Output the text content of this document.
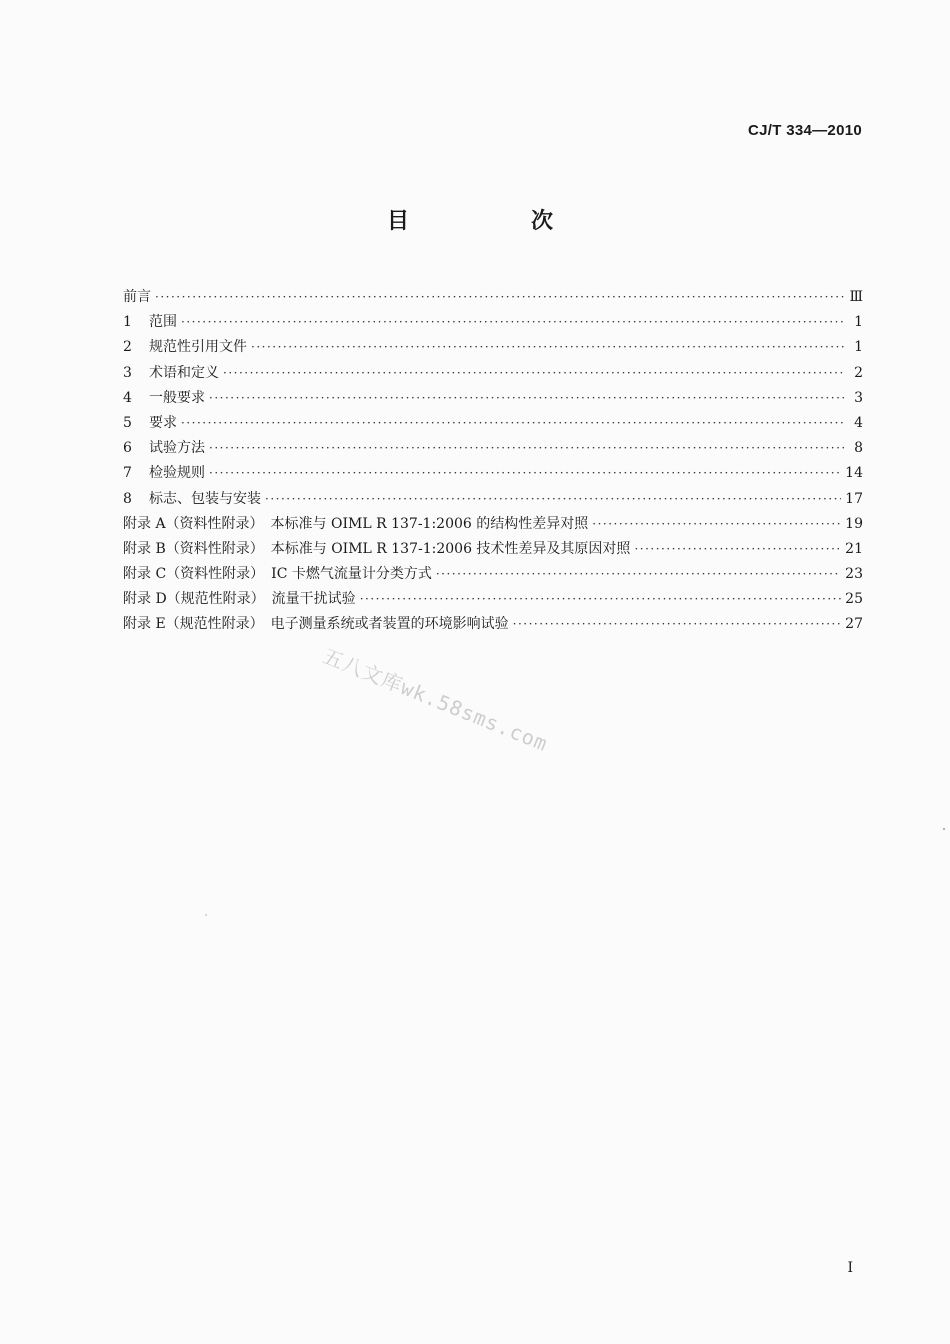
CJ/T 334—2010
目　次
前言 ·····	Ⅲ
1 范围 ·····	1
2 规范性引用文件 ·····	1
3 术语和定义 ·····	2
4 一般要求 ·····	3
5 要求 ·····	4
6 试验方法 ·····	8
7 检验规则 ·····	14
8 标志、包装与安装 ·····	17
附录 A（资料性附录）　本标准与 OIML R 137-1:2006 的结构性差异对照 ·····	19
附录 B（资料性附录）　本标准与 OIML R 137-1:2006 技术性差异及其原因对照 ·····	21
附录 C（资料性附录）　IC 卡燃气流量计分类方式 ·····	23
附录 D（规范性附录）　流量干扰试验 ·····	25
附录 E（规范性附录）　电子测量系统或者装置的环境影响试验 ·····	27
五八文库wk.58sms.com
I
